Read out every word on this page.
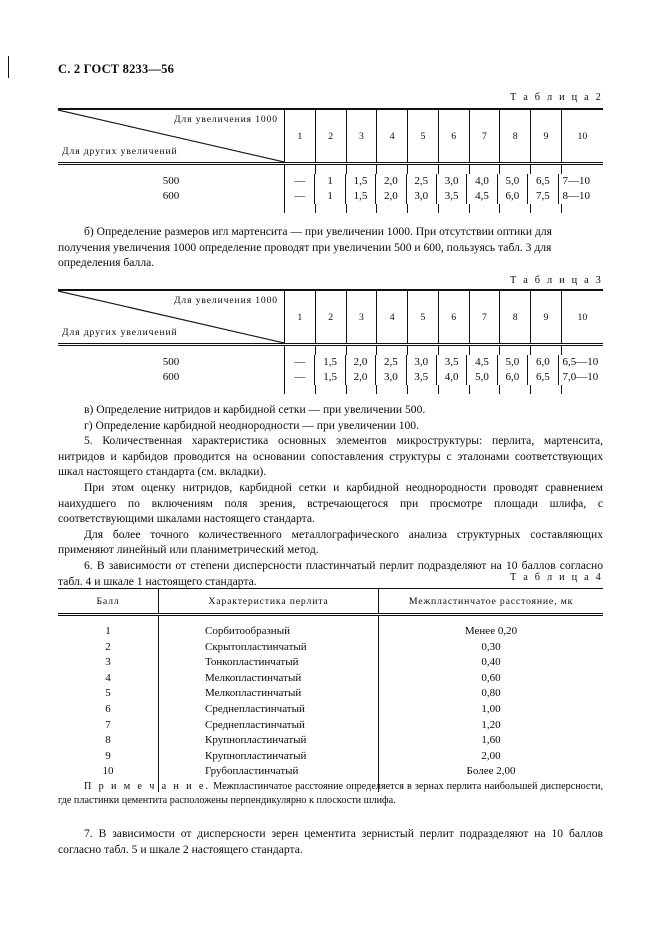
С. 2 ГОСТ 8233—56
Т а б л и ц а 2
Для увеличения 1000
Для других увеличений
1	2	3	4	5	6	7	8	9	10
500	—	1	1,5	2,0	2,5	3,0	4,0	5,0	6,5	7—10
600	—	1	1,5	2,0	3,0	3,5	4,5	6,0	7,5	8—10

б) Определение размеров игл мартенсита — при увеличении 1000. При отсутствии оптики для

получения увеличения 1000 определение проводят при увеличении 500 и 600, пользуясь табл. 3 для

определения балла.

Т а б л и ц а 3
Для увеличения 1000
Для других увеличений
1	2	3	4	5	6	7	8	9	10
500	—	1,5	2,0	2,5	3,0	3,5	4,5	5,0	6,0	6,5—10
600	—	1,5	2,0	3,0	3,5	4,0	5,0	6,0	6,5	7,0—10

в) Определение нитридов и карбидной сетки — при увеличении 500.

г) Определение карбидной неоднородности — при увеличении 100.

5. Количественная характеристика основных элементов микроструктуры: перлита, мартенсита, нитридов и карбидов проводится на основании сопоставления структуры с эталонами соответствующих шкал настоящего стандарта (см. вкладки).

При этом оценку нитридов, карбидной сетки и карбидной неоднородности проводят сравнением наихудшего по включениям поля зрения, встречающегося при просмотре площади шлифа, с соответствующими шкалами настоящего стандарта.

Для более точного количественного металлографического анализа структурных составляющих применяют линейный или планиметрический метод.

6. В зависимости от степени дисперсности пластинчатый перлит подразделяют на 10 баллов согласно табл. 4 и шкале 1 настоящего стандарта.	Т а б л и ц а 4
Балл	Характеристика перлита	Межпластинчатое расстояние, мк
1	Сорбитообразный	Менее 0,20
2	Скрытопластинчатый	0,30
3	Тонкопластинчатый	0,40
4	Мелкопластинчатый	0,60
5	Мелкопластинчатый	0,80
6	Среднепластинчатый	1,00
7	Среднепластинчатый	1,20
8	Крупнопластинчатый	1,60
9	Крупнопластинчатый	2,00
10	Грубопластинчатый	Более 2,00

П р и м е ч а н и е. Межпластинчатое расстояние определяется в зернах перлита наибольшей дисперсности, где пластинки цементита расположены перпендикулярно к плоскости шлифа.

7. В зависимости от дисперсности зерен цементита зернистый перлит подразделяют на 10 баллов согласно табл. 5 и шкале 2 настоящего стандарта.
